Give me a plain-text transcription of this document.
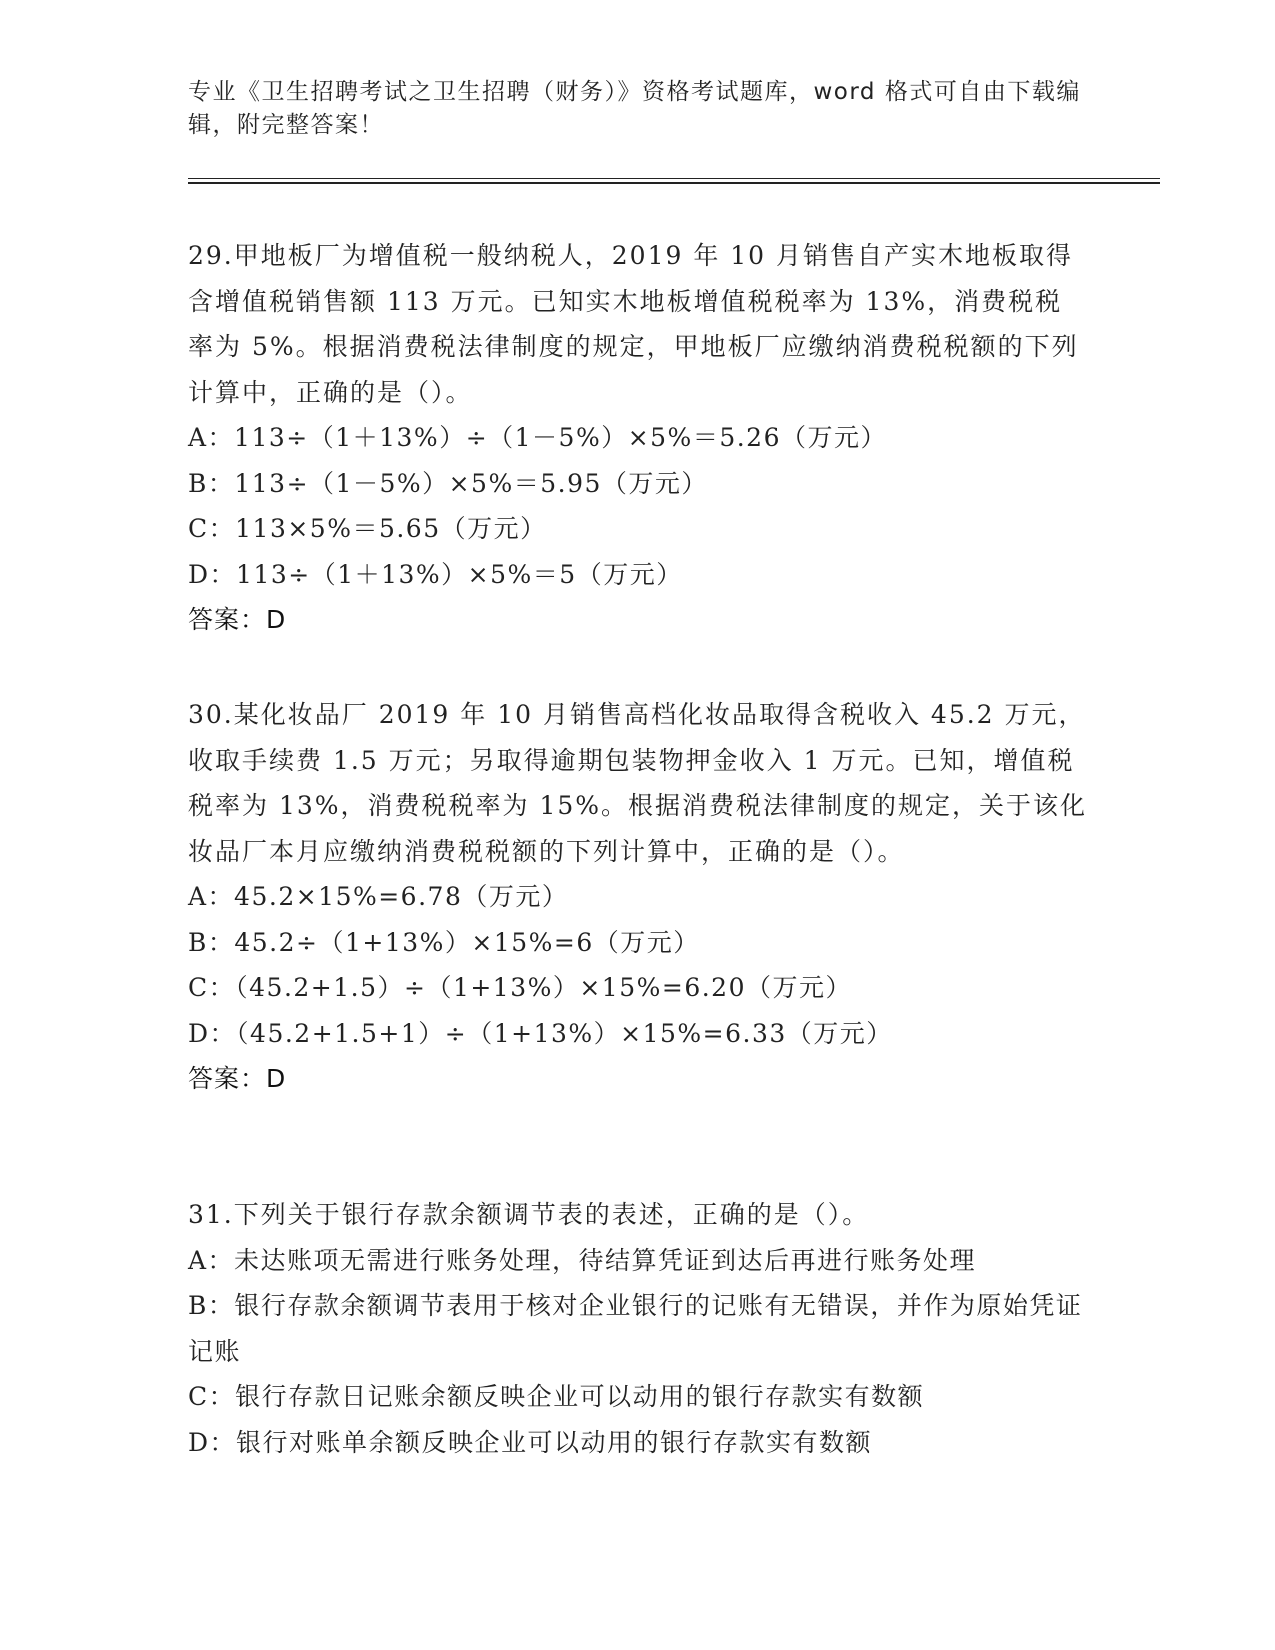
专业《卫生招聘考试之卫生招聘（财务）》资格考试题库，word 格式可自由下载编辑，附完整答案！

29.甲地板厂为增值税一般纳税人，2019 年 10 月销售自产实木地板取得含增值税销售额 113 万元。已知实木地板增值税税率为 13%，消费税税率为 5%。根据消费税法律制度的规定，甲地板厂应缴纳消费税税额的下列计算中，正确的是（）。

A：113÷（1＋13%）÷（1－5%）×5%＝5.26（万元）

B：113÷（1－5%）×5%＝5.95（万元）

C：113×5%＝5.65（万元）

D：113÷（1＋13%）×5%＝5（万元）

答案：D

30.某化妆品厂 2019 年 10 月销售高档化妆品取得含税收入 45.2 万元，收取手续费 1.5 万元；另取得逾期包装物押金收入 1 万元。已知，增值税税率为 13%，消费税税率为 15%。根据消费税法律制度的规定，关于该化妆品厂本月应缴纳消费税税额的下列计算中，正确的是（）。

A：45.2×15%=6.78（万元）

B：45.2÷（1+13%）×15%=6（万元）

C：（45.2+1.5）÷（1+13%）×15%=6.20（万元）

D：（45.2+1.5+1）÷（1+13%）×15%=6.33（万元）

答案：D

31.下列关于银行存款余额调节表的表述，正确的是（）。

A：未达账项无需进行账务处理，待结算凭证到达后再进行账务处理

B：银行存款余额调节表用于核对企业银行的记账有无错误，并作为原始凭证记账

C：银行存款日记账余额反映企业可以动用的银行存款实有数额

D：银行对账单余额反映企业可以动用的银行存款实有数额
